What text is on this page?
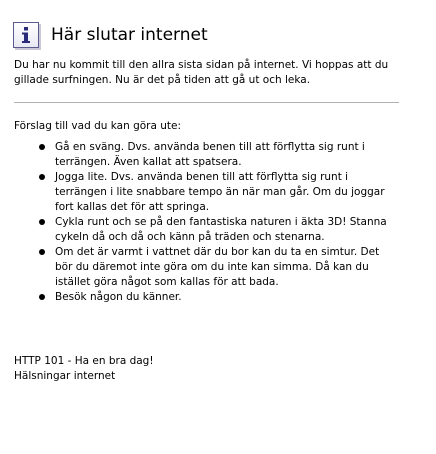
Här slutar internet

Du har nu kommit till den allra sista sidan på internet. Vi hoppas att du gillade surfningen. Nu är det på tiden att gå ut och leka.

Förslag till vad du kan göra ute:

Gå en sväng. Dvs. använda benen till att förflytta sig runt i terrängen. Även kallat att spatsera.
Jogga lite. Dvs. använda benen till att förflytta sig runt i terrängen i lite snabbare tempo än när man går. Om du joggar fort kallas det för att springa.
Cykla runt och se på den fantastiska naturen i äkta 3D! Stanna cykeln då och då och känn på träden och stenarna.
Om det är varmt i vattnet där du bor kan du ta en simtur. Det bör du däremot inte göra om du inte kan simma. Då kan du istället göra något som kallas för att bada.
Besök någon du känner.
HTTP 101 - Ha en bra dag!
Hälsningar internet
